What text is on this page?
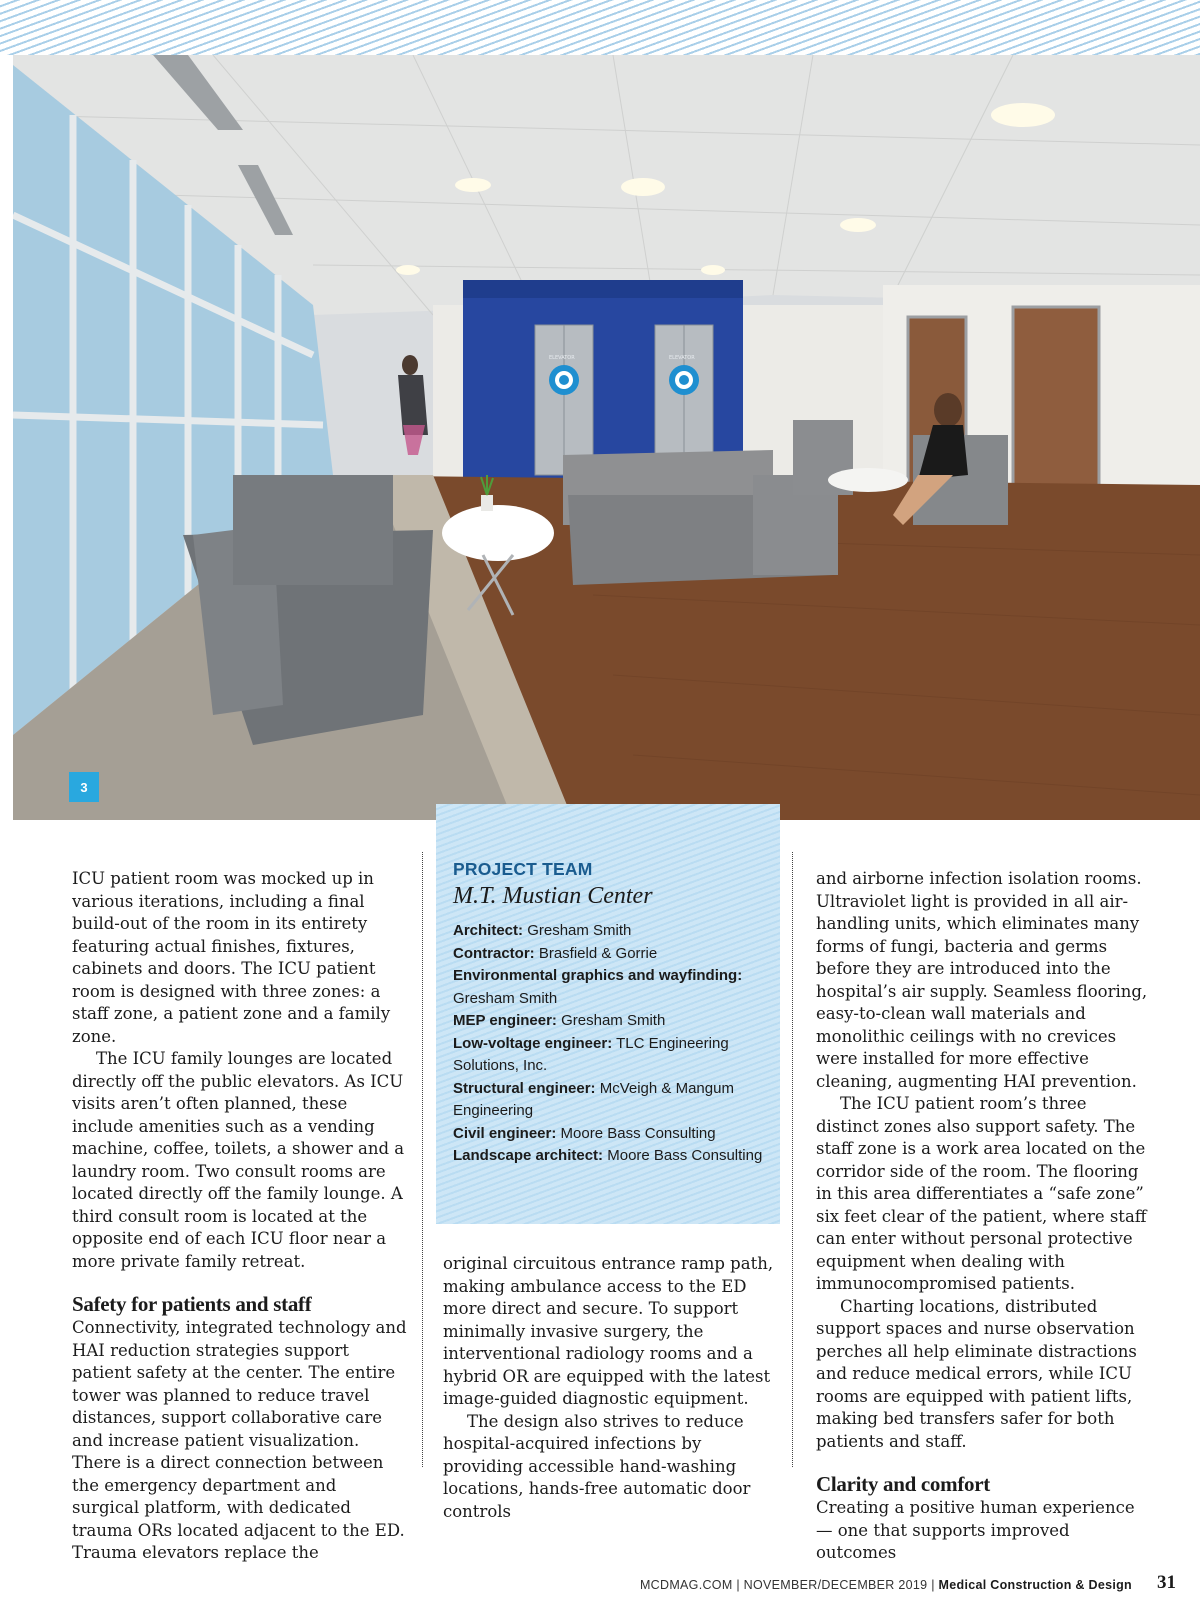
ELEVATOR	ELEVATOR
3

ICU patient room was mocked up in various iterations, including a final build-out of the room in its entirety featuring actual finishes, fixtures, cabinets and doors. The ICU patient room is designed with three zones: a staff zone, a patient zone and a family zone.

The ICU family lounges are located directly off the public elevators. As ICU visits aren’t often planned, these include amenities such as a vending machine, coffee, toilets, a shower and a laundry room. Two consult rooms are located directly off the family lounge. A third consult room is located at the opposite end of each ICU floor near a more private family retreat.

Safety for patients and staff

Connectivity, integrated technology and HAI reduction strategies support patient safety at the center. The entire tower was planned to reduce travel distances, support collaborative care and increase patient visualization. There is a direct connection between the emergency department and surgical platform, with dedicated trauma ORs located adjacent to the ED. Trauma elevators replace the

PROJECT TEAM
M.T. Mustian Center
Architect: Gresham Smith
Contractor: Brasfield & Gorrie
Environmental graphics and wayfinding: Gresham Smith
MEP engineer: Gresham Smith
Low-voltage engineer: TLC Engineering Solutions, Inc.
Structural engineer: McVeigh & Mangum Engineering
Civil engineer: Moore Bass Consulting
Landscape architect: Moore Bass Consulting

original circuitous entrance ramp path, making ambulance access to the ED more direct and secure. To support minimally invasive surgery, the interventional radiology rooms and a hybrid OR are equipped with the latest image-guided diagnostic equipment.

The design also strives to reduce hospital-acquired infections by providing accessible hand-washing locations, hands-free automatic door controls

and airborne infection isolation rooms. Ultraviolet light is provided in all air-handling units, which eliminates many forms of fungi, bacteria and germs before they are introduced into the hospital’s air supply. Seamless flooring, easy-to-clean wall materials and monolithic ceilings with no crevices were installed for more effective cleaning, augmenting HAI prevention.

The ICU patient room’s three distinct zones also support safety. The staff zone is a work area located on the corridor side of the room. The flooring in this area differentiates a “safe zone” six feet clear of the patient, where staff can enter without personal protective equipment when dealing with immunocompromised patients.

Charting locations, distributed support spaces and nurse observation perches all help eliminate distractions and reduce medical errors, while ICU rooms are equipped with patient lifts, making bed transfers safer for both patients and staff.

Clarity and comfort

Creating a positive human experience — one that supports improved outcomes

MCDMAG.COM | NOVEMBER/DECEMBER 2019 | Medical Construction & Design 31
